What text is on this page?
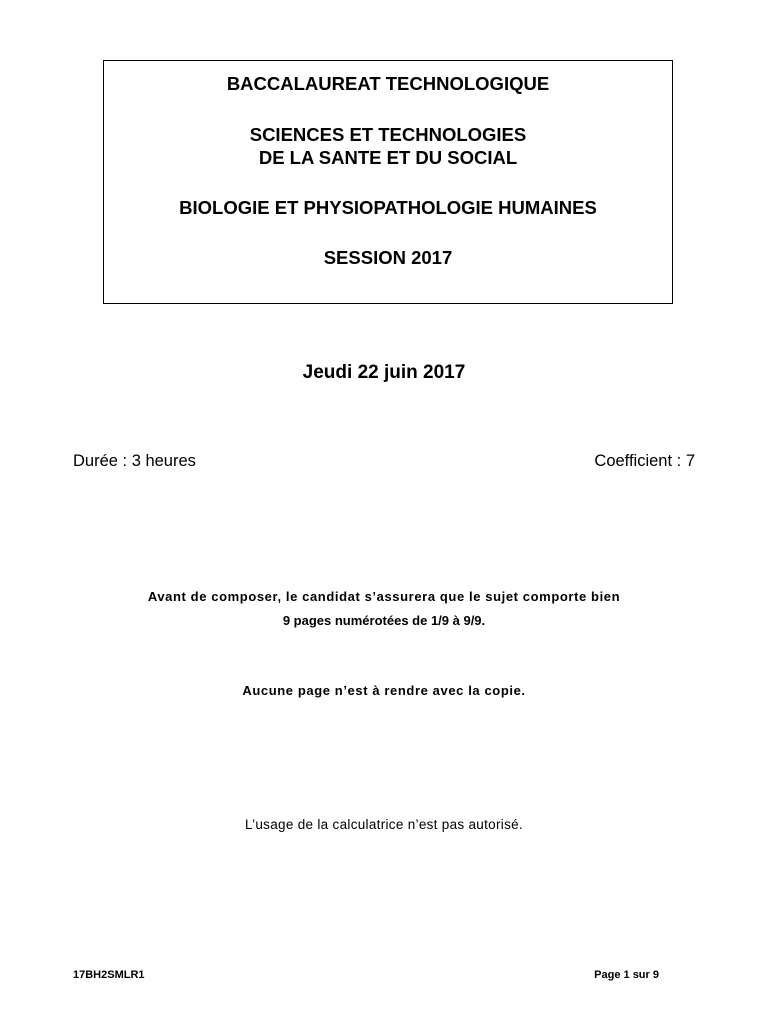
BACCALAUREAT TECHNOLOGIQUE
SCIENCES ET TECHNOLOGIES
DE LA SANTE ET DU SOCIAL
BIOLOGIE ET PHYSIOPATHOLOGIE HUMAINES
SESSION 2017
Jeudi 22 juin 2017
Durée : 3 heures	Coefficient : 7
Avant de composer, le candidat s’assurera que le sujet comporte bien
9 pages numérotées de 1/9 à 9/9.
Aucune page n’est à rendre avec la copie.
L’usage de la calculatrice n’est pas autorisé.
17BH2SMLR1	Page 1 sur 9
